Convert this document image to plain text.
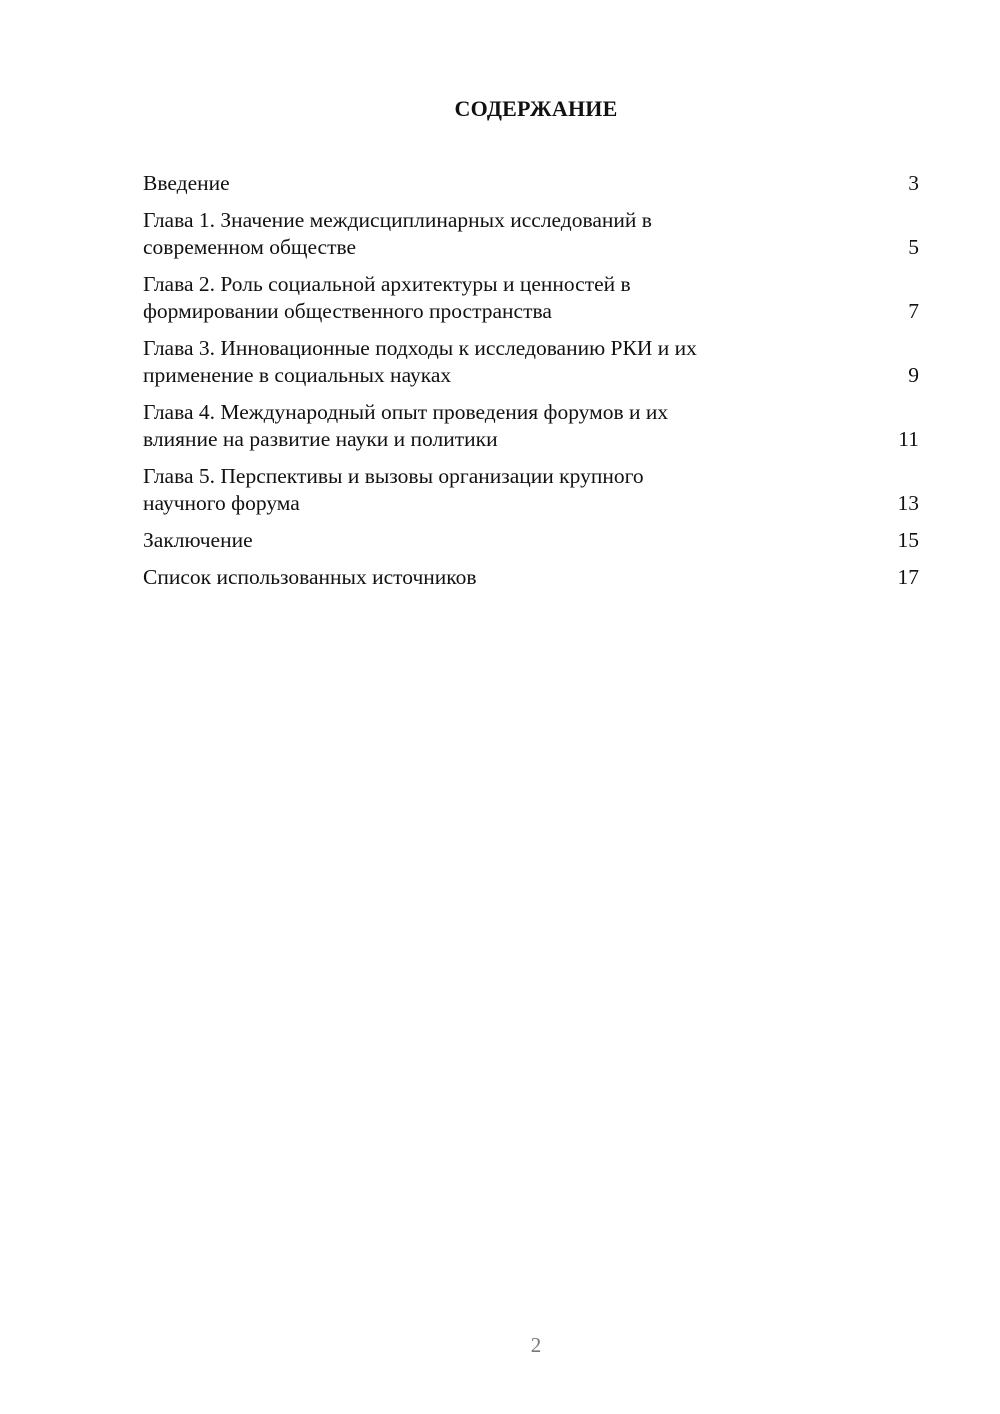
СОДЕРЖАНИЕ
Введение	3
Глава 1. Значение междисциплинарных исследований в
современном обществе	5
Глава 2. Роль социальной архитектуры и ценностей в
формировании общественного пространства	7
Глава 3. Инновационные подходы к исследованию РКИ и их
применение в социальных науках	9
Глава 4. Международный опыт проведения форумов и их
влияние на развитие науки и политики	11
Глава 5. Перспективы и вызовы организации крупного
научного форума	13
Заключение	15
Список использованных источников	17
2
